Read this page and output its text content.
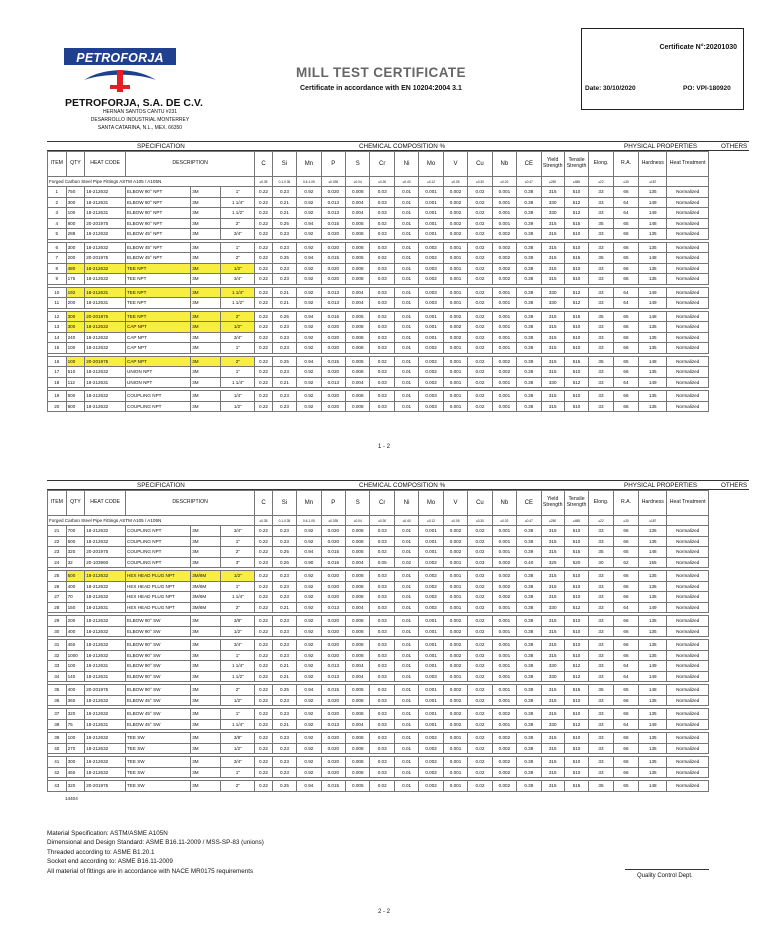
Certificate N°:20201030
PETROFORJA
MILL TEST CERTIFICATE
Certificate in accordance with EN 10204:2004 3.1	Date: 30/10/2020	PO: VPI-180920
PETROFORJA, S.A. DE C.V.
HERNAN SANTOS CANTU #231
DESARROLLO INDUSTRIAL MONTERREY
SANTA CATARINA, N.L., MEX. 66350
SPECIFICATION	CHEMICAL COMPOSITION %	PHYSICAL PROPERTIES	OTHERS
ITEM	QTY	HEAT CODE	DESCRIPTION			C	Si	Mn	P	S	Cr	Ni	Mo	V	Cu	Nb	CE	Yield Strength	Tensile Strength	Elong.	R.A.	Hardness	Heat Treatment
Forged Carbon Steel Pipe Fittings ASTM A105 / A105N						≤0.35	0.1-0.35	0.6-1.05	≤0.035	≤0.04	≤0.30	≤0.40	≤0.12	≤0.05	≤0.30	≤0.02	≤0.47	≥250	≥485	≥22	≥30	≤187	
1	750	18-212632	ELBOW 90° NPT	3M	1"	0.22	0.23	0.92	0.020	0.008	0.03	0.01	0.001	0.002	0.02	0.001	0.38	315	510	33	66	135	Normalized
2	300	18-212631	ELBOW 90° NPT	3M	1 1/4"	0.22	0.21	0.92	0.013	0.004	0.03	0.01	0.001	0.002	0.02	0.001	0.38	330	512	33	64	149	Normalized
3	100	18-212631	ELBOW 90° NPT	3M	1 1/2"	0.22	0.21	0.92	0.013	0.004	0.03	0.01	0.001	0.002	0.02	0.001	0.38	330	512	33	64	149	Normalized
4	800	20-201975	ELBOW 90° NPT	3M	2"	0.22	0.25	0.94	0.015	0.005	0.02	0.01	0.001	0.002	0.02	0.001	0.39	315	515	35	65	148	Normalized
5	288	18-212632	ELBOW 45° NPT	3M	3/4"	0.22	0.23	0.92	0.020	0.008	0.03	0.01	0.001	0.002	0.02	0.002	0.38	315	510	33	66	135	Normalized

6	300	18-212632	ELBOW 45° NPT	3M	1"	0.22	0.23	0.92	0.020	0.008	0.03	0.01	0.002	0.001	0.02	0.002	0.38	315	510	33	66	135	Normalized
7	200	20-201975	ELBOW 45° NPT	3M	2"	0.22	0.25	0.94	0.015	0.005	0.02	0.01	0.002	0.001	0.02	0.002	0.39	315	515	35	65	148	Normalized
8	480	18-212632	TEE NPT	3M	1/2"	0.22	0.23	0.92	0.020	0.008	0.03	0.01	0.003	0.001	0.02	0.002	0.38	315	510	33	66	135	Normalized
9	175	18-212632	TEE NPT	3M	3/4"	0.22	0.23	0.92	0.020	0.008	0.03	0.01	0.002	0.001	0.02	0.002	0.38	315	510	33	66	135	Normalized

10	192	18-212631	TEE NPT	3M	1 1/4"	0.22	0.21	0.92	0.013	0.004	0.03	0.01	0.003	0.001	0.02	0.001	0.38	330	512	33	64	149	Normalized
11	200	18-212631	TEE NPT	3M	1 1/2"	0.22	0.21	0.92	0.013	0.004	0.03	0.01	0.003	0.001	0.02	0.001	0.38	330	512	33	64	149	Normalized

12	300	20-201975	TEE NPT	3M	2"	0.22	0.25	0.94	0.015	0.005	0.02	0.01	0.001	0.002	0.02	0.001	0.39	315	515	35	65	148	Normalized
13	300	18-212632	CAP NPT	3M	1/2"	0.22	0.23	0.92	0.020	0.008	0.03	0.01	0.001	0.002	0.02	0.001	0.38	315	510	33	66	135	Normalized
14	240	18-212632	CAP NPT	3M	3/4"	0.22	0.23	0.92	0.020	0.008	0.03	0.01	0.001	0.002	0.02	0.001	0.38	315	510	33	66	135	Normalized
15	100	18-212632	CAP NPT	3M	1"	0.22	0.23	0.92	0.020	0.008	0.03	0.01	0.002	0.001	0.02	0.001	0.38	315	510	33	66	135	Normalized

16	100	20-201975	CAP NPT	3M	2"	0.22	0.25	0.94	0.015	0.005	0.02	0.01	0.002	0.001	0.02	0.002	0.39	315	515	35	65	148	Normalized
17	510	18-212632	UNION NPT	3M	1"	0.22	0.23	0.92	0.020	0.008	0.03	0.01	0.002	0.001	0.02	0.002	0.38	315	510	33	66	135	Normalized
18	112	18-212631	UNION NPT	3M	1 1/4"	0.22	0.21	0.92	0.013	0.004	0.03	0.01	0.002	0.001	0.02	0.001	0.38	330	512	33	64	149	Normalized

19	500	18-212632	COUPLING NPT	3M	1/4"	0.22	0.23	0.92	0.020	0.008	0.03	0.01	0.003	0.001	0.02	0.001	0.38	315	510	33	66	135	Normalized
20	800	18-212632	COUPLING NPT	3M	1/2"	0.22	0.23	0.92	0.020	0.008	0.03	0.01	0.003	0.001	0.02	0.001	0.38	315	510	33	66	135	Normalized
1 - 2
SPECIFICATION	CHEMICAL COMPOSITION %	PHYSICAL PROPERTIES	OTHERS
ITEM	QTY	HEAT CODE	DESCRIPTION			C	Si	Mn	P	S	Cr	Ni	Mo	V	Cu	Nb	CE	Yield Strength	Tensile Strength	Elong.	R.A.	Hardness	Heat Treatment
Forged Carbon Steel Pipe Fittings ASTM A105 / A105N						≤0.35	0.1-0.35	0.6-1.05	≤0.035	≤0.04	≤0.30	≤0.40	≤0.12	≤0.05	≤0.30	≤0.02	≤0.47	≥250	≥485	≥22	≥30	≤187	
21	700	18-212632	COUPLING NPT	3M	3/4"	0.22	0.23	0.92	0.020	0.008	0.03	0.01	0.001	0.002	0.02	0.001	0.38	315	510	33	66	135	Normalized
22	600	18-212632	COUPLING NPT	3M	1"	0.22	0.23	0.92	0.020	0.008	0.03	0.01	0.001	0.002	0.02	0.001	0.38	315	510	33	66	135	Normalized
23	320	20-201975	COUPLING NPT	3M	2"	0.22	0.25	0.94	0.015	0.005	0.02	0.01	0.001	0.002	0.02	0.001	0.39	315	515	35	65	148	Normalized
24	32	20-103960	COUPLING NPT	3M	3"	0.23	0.26	0.90	0.016	0.004	0.05	0.02	0.002	0.001	0.03	0.002	0.40	325	520	30	62	155	Normalized

25	500	18-212632	HEX HEAD PLUG NPT	3M/6M	1/2"	0.22	0.23	0.92	0.020	0.008	0.03	0.01	0.002	0.001	0.02	0.002	0.38	315	510	33	66	135	Normalized
26	400	18-212632	HEX HEAD PLUG NPT	3M/6M	1"	0.22	0.23	0.92	0.020	0.008	0.03	0.01	0.002	0.001	0.02	0.002	0.38	315	510	33	66	135	Normalized
27	70	18-212632	HEX HEAD PLUG NPT	3M/6M	1 1/4"	0.22	0.23	0.92	0.020	0.008	0.03	0.01	0.002	0.001	0.02	0.002	0.38	315	510	33	66	135	Normalized
28	150	18-212631	HEX HEAD PLUG NPT	3M/6M	2"	0.22	0.21	0.92	0.013	0.004	0.03	0.01	0.002	0.001	0.02	0.001	0.38	330	512	33	64	149	Normalized

29	200	18-212632	ELBOW 90° SW	3M	3/8"	0.22	0.23	0.92	0.020	0.008	0.03	0.01	0.001	0.002	0.02	0.001	0.38	315	510	33	66	135	Normalized
30	400	18-212632	ELBOW 90° SW	3M	1/2"	0.22	0.23	0.92	0.020	0.008	0.03	0.01	0.001	0.002	0.02	0.001	0.38	315	510	33	66	135	Normalized

31	450	18-212632	ELBOW 90° SW	3M	3/4"	0.22	0.23	0.92	0.020	0.008	0.03	0.01	0.001	0.002	0.02	0.001	0.38	315	510	33	66	135	Normalized
32	1000	18-212632	ELBOW 90° SW	3M	1"	0.22	0.23	0.92	0.020	0.008	0.03	0.01	0.001	0.002	0.02	0.001	0.38	315	510	33	66	135	Normalized
33	100	18-212631	ELBOW 90° SW	3M	1 1/4"	0.22	0.21	0.92	0.013	0.004	0.03	0.01	0.001	0.002	0.02	0.001	0.38	330	512	33	64	149	Normalized
34	140	18-212631	ELBOW 90° SW	3M	1 1/2"	0.22	0.21	0.92	0.013	0.004	0.03	0.01	0.003	0.001	0.02	0.001	0.38	330	512	33	64	149	Normalized

35	400	20-201975	ELBOW 90° SW	3M	2"	0.22	0.25	0.94	0.015	0.005	0.02	0.01	0.001	0.002	0.02	0.001	0.39	315	515	35	65	148	Normalized
36	360	18-212632	ELBOW 45° SW	3M	1/2"	0.22	0.23	0.92	0.020	0.008	0.03	0.01	0.001	0.002	0.02	0.001	0.38	315	510	33	66	135	Normalized

37	320	18-212632	ELBOW 45° SW	3M	1"	0.22	0.23	0.92	0.020	0.008	0.03	0.01	0.001	0.002	0.02	0.002	0.38	315	510	33	66	135	Normalized
38	75	18-212631	ELBOW 45° SW	3M	1 1/4"	0.22	0.21	0.92	0.013	0.004	0.03	0.01	0.001	0.002	0.02	0.001	0.38	330	512	33	64	149	Normalized

39	100	18-212632	TEE SW	3M	3/8"	0.22	0.23	0.92	0.020	0.008	0.03	0.01	0.002	0.001	0.02	0.002	0.38	315	510	33	66	135	Normalized
40	270	18-212632	TEE SW	3M	1/2"	0.22	0.23	0.92	0.020	0.008	0.03	0.01	0.002	0.001	0.02	0.002	0.38	315	510	33	66	135	Normalized

41	300	18-212632	TEE SW	3M	3/4"	0.22	0.23	0.92	0.020	0.008	0.03	0.01	0.002	0.001	0.02	0.002	0.38	315	510	33	66	135	Normalized
42	450	18-212632	TEE SW	3M	1"	0.22	0.23	0.92	0.020	0.008	0.03	0.01	0.002	0.001	0.02	0.002	0.38	315	510	33	66	135	Normalized

43	320	20-201975	TEE SW	3M	2"	0.22	0.25	0.94	0.015	0.005	0.02	0.01	0.002	0.001	0.02	0.002	0.39	315	515	35	65	148	Normalized
14404
Material Specification: ASTM/ASME A105N
Dimensional and Design Standard: ASME B16.11-2009 / MSS-SP-83 (unions)
Threaded according to: ASME B1.20.1
Socket end according to: ASME B16.11-2009
All material of fittings are in accordance with NACE MR0175 requirements
Quality Control Dept.
2 - 2
